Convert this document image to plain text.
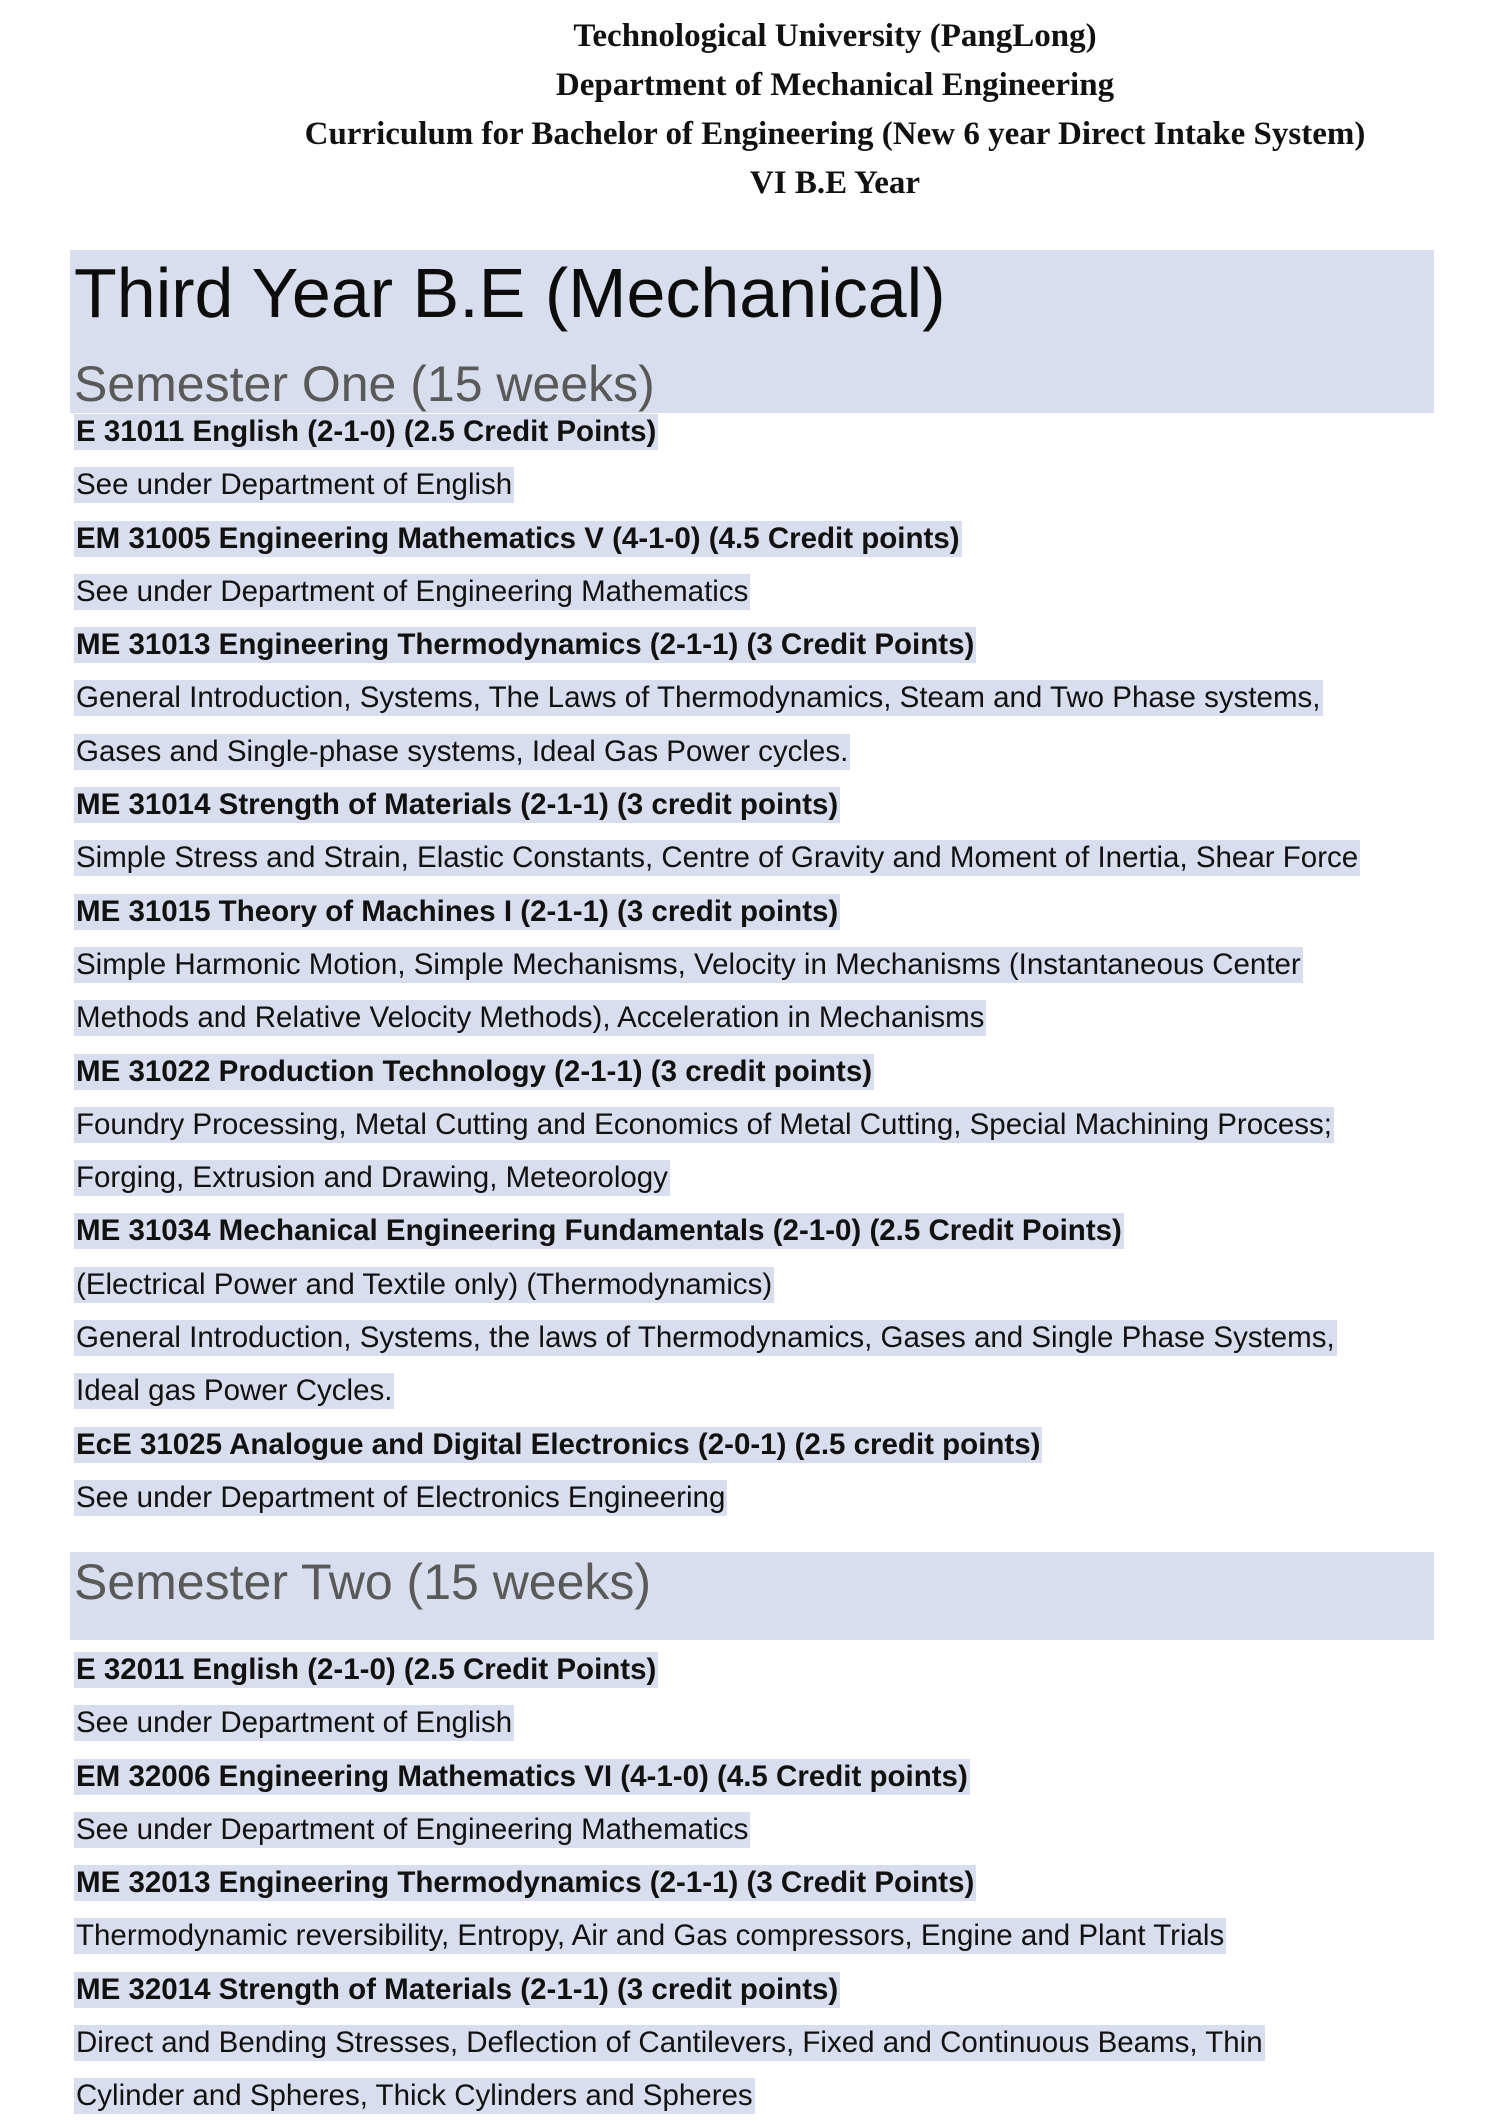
Technological University (PangLong)
Department of Mechanical Engineering
Curriculum for Bachelor of Engineering (New 6 year Direct Intake System)
VI B.E Year
Third Year B.E (Mechanical)
Semester One (15 weeks)
E 31011 English (2-1-0) (2.5 Credit Points)
See under Department of English
EM 31005 Engineering Mathematics V (4-1-0) (4.5 Credit points)
See under Department of Engineering Mathematics
ME 31013 Engineering Thermodynamics (2-1-1) (3 Credit Points)
General Introduction, Systems, The Laws of Thermodynamics, Steam and Two Phase systems,
Gases and Single-phase systems, Ideal Gas Power cycles.
ME 31014 Strength of Materials (2-1-1) (3 credit points)
Simple Stress and Strain, Elastic Constants, Centre of Gravity and Moment of Inertia, Shear Force
ME 31015 Theory of Machines I (2-1-1) (3 credit points)
Simple Harmonic Motion, Simple Mechanisms, Velocity in Mechanisms (Instantaneous Center
Methods and Relative Velocity Methods), Acceleration in Mechanisms
ME 31022 Production Technology (2-1-1) (3 credit points)
Foundry Processing, Metal Cutting and Economics of Metal Cutting, Special Machining Process;
Forging, Extrusion and Drawing, Meteorology
ME 31034 Mechanical Engineering Fundamentals (2-1-0) (2.5 Credit Points)
(Electrical Power and Textile only) (Thermodynamics)
General Introduction, Systems, the laws of Thermodynamics, Gases and Single Phase Systems,
Ideal gas Power Cycles.
EcE 31025 Analogue and Digital Electronics (2-0-1) (2.5 credit points)
See under Department of Electronics Engineering
Semester Two (15 weeks)
E 32011 English (2-1-0) (2.5 Credit Points)
See under Department of English
EM 32006 Engineering Mathematics VI (4-1-0) (4.5 Credit points)
See under Department of Engineering Mathematics
ME 32013 Engineering Thermodynamics (2-1-1) (3 Credit Points)
Thermodynamic reversibility, Entropy, Air and Gas compressors, Engine and Plant Trials
ME 32014 Strength of Materials (2-1-1) (3 credit points)
Direct and Bending Stresses, Deflection of Cantilevers, Fixed and Continuous Beams, Thin
Cylinder and Spheres, Thick Cylinders and Spheres
